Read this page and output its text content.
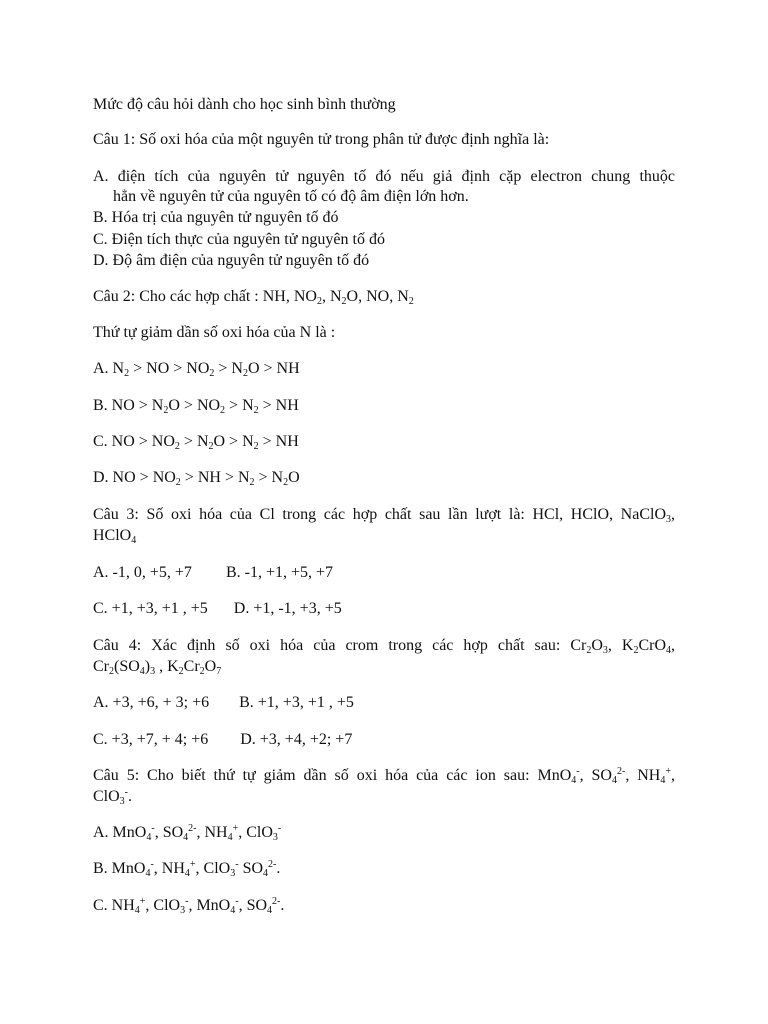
Mức độ câu hỏi dành cho học sinh bình thường
Câu 1: Số oxi hóa của một nguyên tử trong phân tử được định nghĩa là:
A. điện tích của nguyên tử nguyên tố đó nếu giả định cặp electron chung thuộc
hẳn về nguyên tử của nguyên tố có độ âm điện lớn hơn.
B. Hóa trị của nguyên tử nguyên tố đó
C. Điện tích thực của nguyên tử nguyên tố đó
D. Độ âm điện của nguyên tử nguyên tố đó
Câu 2: Cho các hợp chất : NH, $NO_2$, $N_2O$, NO, $N_2$
Thứ tự giảm dần số oxi hóa của N là :
A. $N_2$ > NO > $NO_2 > N_2O$ > NH
B. NO > $N_2O > NO_2 > N_2$ > NH
C. NO > $NO_2 > N_2O > N_2$ > NH
D. NO > $NO_2$ > NH > $N_2 > N_2O$
Câu 3: Số oxi hóa của Cl trong các hợp chất sau lần lượt là: HCl, HClO, NaClO$_3$,
HClO$_4$
A. -1, 0, +5, +7 B. -1, +1, +5, +7
C. +1, +3, +1 , +5 D. +1, -1, +3, +5
Câu 4: Xác định số oxi hóa của crom trong các hợp chất sau: $Cr_2O_3$, $K_2CrO_4$,
$Cr_2(SO_4)_3$ , $K_2Cr_2O_7$
A. +3, +6, + 3; +6 B. +1, +3, +1 , +5
C. +3, +7, + 4; +6 D. +3, +4, +2; +7
Câu 5: Cho biết thứ tự giảm dần số oxi hóa của các ion sau: MnO$_4$-, $SO_4^{2-}$, $NH_4^+$,
ClO$_3$-.
A. MnO$_4$-, $SO_4^{2-}$, $NH_4^+$, ClO$_3$-
B. MnO$_4$-, $NH_4^+$, ClO$_3$- $SO_4^{2-}$.
C. $NH_4^+$, ClO$_3$-, MnO$_4$-, $SO_4^{2-}$.
